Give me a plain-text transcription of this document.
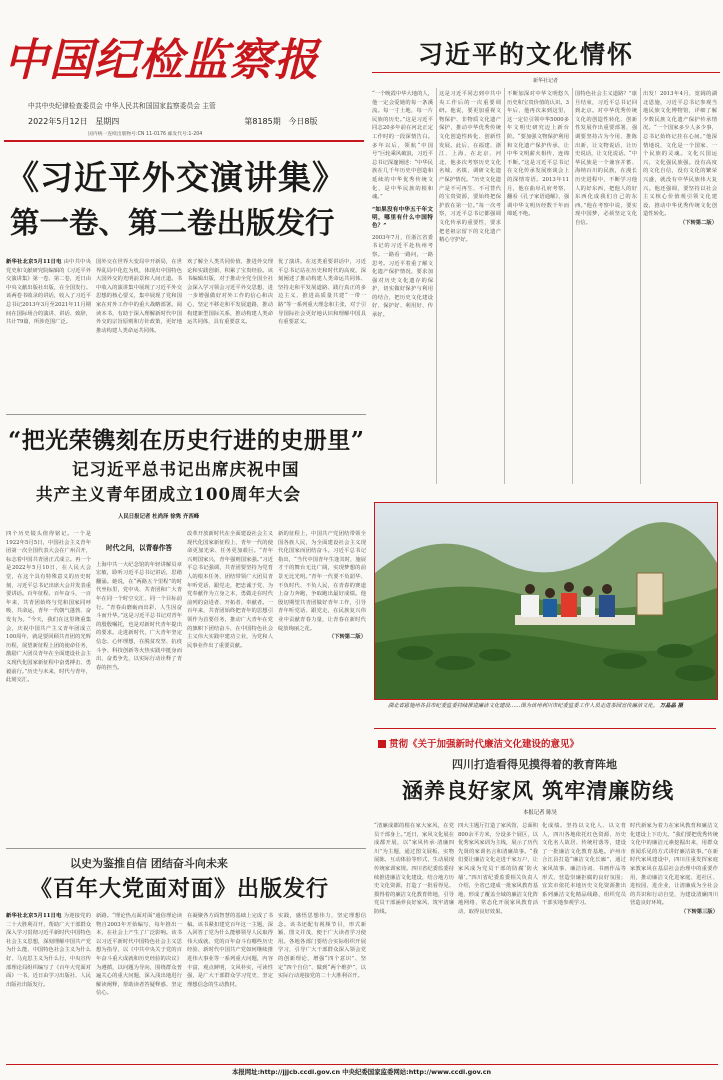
中国纪检监察报
中共中央纪律检查委员会 中华人民共和国国家监察委员会 主管
2022年5月12日 星期四	第8185期 今日8版
国内统一连续出版物号:CN 11-0176 邮发代号:1-204
习近平的文化情怀
新华社记者
“一个晚霞中华大地的人，他一定会爱她的每一条溪流。每一寸土地，每一片民族的历史。”这是习近平同志20多年前在河北正定工作时的一段深情告白。多年以后，领航“中国号”巨轮乘风破浪，习近平总书记深邃阐述：“中华民族在几千年历史中创造和延续的中华优秀传统文化，是中华民族的根和魂。”
“如果没有中华五千年文明，哪里有什么中国特色？”
2003年7月，任浙江省委书记的习近平赴杭州考察。一路看一路问，一路思考。习近平着重了解文化遗产保护情况，要求加强对历史文化遗存的保护，切实做好保护与利用的结合，把历史文化建设好、保护好、利用好、传承好。
这是习近平同志到中共中央工作后的一次重要调研。他说，要更加重视文物保护、非物质文化遗产保护，推动中华优秀传统文化创造性转化、创新性发展。此后，在福建、浙江、上海，在北京、河北，他多次考察历史文化名城、名镇，调研文化遗产保护情况。“历史文化遗产是不可再生、不可替代的宝贵资源，要始终把保护放在第一位。”每一次考察，习近平总书记都强调文化传承的重要性，要求把老祖宗留下的文化遗产精心守护好。
不断加深对中华文明悠久历史和宝贵价值的认识。3年后，他再次来到这里，这一定位引领中华5000多年文明史研究迈上新台阶。“要加强文物保护利用和文化遗产保护传承，让中华文明薪火相传，连绵不断。”这是习近平总书记在文化传承发展座谈会上的深情寄语。2013年11月，他在曲阜孔府考察，翻看《孔子家语通解》，强调中华文明历经数千年而绵延不绝。
国特色社会主义道路？”康旦结束，习近平总书记回到北京。对中华优秀传统文化的创造性转化、创新性发展作出重要部署，强调要坚持古为今用、推陈出新，让文物说话，让历史说话，让文化说话。“中华民族是一个兼容并蓄、海纳百川的民族，在漫长历史进程中，不断学习他人的好东西，把他人的好东西化成我们自己的东西。”他在考察中说，要实现中国梦，必须坚定文化自信。
出发！2013年4月，宽阔的湖北恩施，习近平总书记参观当地民族文化博物馆，详细了解少数民族文化遗产保护传承情况。“一个国家多少人多少事，总书记始终记挂在心间。”他深情地说，文化是一个国家、一个民族的灵魂。文化兴国运兴，文化强民族强。没有高度的文化自信，没有文化的繁荣兴盛，就没有中华民族伟大复兴。他还强调，要坚持以社会主义核心价值观引领文化建设，推动中华优秀传统文化创造性转化。
（下转第二版）
《习近平外交演讲集》
第一卷、第二卷出版发行
新华社北京5月11日电 由中共中央党史和文献研究院编辑的《习近平外交演讲集》第一卷、第二卷，近日由中央文献出版社出版，在全国发行。该两卷书收录的讲话，收入了习近平总书记2013年3月至2021年11月期间在国际场合的演讲、讲话、致辞，共计79篇，所涉范围广泛。
国外交在世界大变局中开新局，在世界乱局中化危为机，体现出中国特色大国外交的光明前景和人间正道。书中收入的演讲集中展现了习近平外交思想的核心要义，集中展现了党和国家在对外工作中的重大战略部署。阅读本书，有助于深入理解新时代中国外交的宗旨原则和方针政策，更好地推动构建人类命运共同体。
欢了解全人类共同价值，推进外交理论和实践创新，积累了宝贵经验。该书编辑出版，对于推动全党全国全社会深入学习领会习近平外交思想，进一步增强做好对外工作的信心和决心，坚定不移走和平发展道路，推动构建新型国际关系，推动构建人类命运共同体，具有重要意义。
优了演讲。在这类重要讲话中，习近平总书记站在历史和时代的高度，深刻阐述了推动构建人类命运共同体、坚持走和平发展道路、践行真正的多边主义、推进高质量共建“一带一路”等一系列重大理念和主张，对于引导国际社会更好地认识和理解中国具有重要意义。
“把光荣镌刻在历史行进的史册里”
记习近平总书记出席庆祝中国
共产主义青年团成立100周年大会
人民日报记者 杜尚泽 徐隽 齐西峰
四个历史镜头值得铭记。一个是1922年5月5日，中国社会主义青年团第一次全国代表大会在广州召开，标志着中国共青团正式成立。再一个是2022年5月10日，在人民大会堂，在这个具有特殊意义的历史时刻，习近平总书记出席大会并发表重要讲话。百年征程、百年奋斗，一百年来，共青团始终与党和国家同呼吸、共命运，青年一代朝气蓬勃、奋发有为。“今天，我们在这里隆重集会，庆祝中国共产主义青年团成立100周年，就是要回顾共青团的光辉历程，展望新征程上团的使命任务，激励广大团员青年在全面建设社会主义现代化国家新征程中奋勇搏击、勇毅前行。”历史与未来，时代与青年，此刻交汇。
时代之问，以青春作答
上海中共一大纪念馆的年轻讲解员章宏敏，聆听习近平总书记讲话，思绪翻涌。她说，在“两路五个里程”的时代坐标里，党中央、共青团和广大青年在同一个时空交汇、同一个目标前行。“青春由磨砺而出彩，人生因奋斗而升华。”这是习近平总书记对青年的殷殷嘱托，也是对新时代青年提出的要求。走进新时代，广大青年坚定信念、心怀理想，在脱贫攻坚、抗疫斗争、科技创新等火热实践中挺身而出、奋勇争先，以实际行动诠释了青春的担当。
改革开放新时代在全面建设社会主义现代化国家新征程上，青年一代的使命更加光荣、任务更加艰巨。“青年兴则国家兴，青年强则国家强。”习近平总书记强调，共青团要坚持为党育人的根本任务，团结带领广大团员青年听党话、跟党走，把忠诚于党、为党奉献作为立身之本，勇做走在时代前列的奋进者、开拓者、奉献者。一百年来，共青团始终把青年的思想引领作为首要任务，推动广大青年在党的旗帜下团结奋斗，在中国特色社会主义伟大实践中建功立业，为党和人民事业作出了重要贡献。
新的征程上，中国共产党团结带领全国各族人民，为全面建设社会主义现代化国家而团结奋斗。习近平总书记指出，“当代中国青年生逢其时，施展才干的舞台无比广阔，实现梦想的前景无比光明。”青年一代要不负韶华、不负时代、不负人民，在青春的赛道上奋力奔跑，争取跑出最好成绩。他殷切期望共青团做好青年工作，引导青年听党话、跟党走，在民族复兴伟业中贡献青春力量，让青春在新时代绽放绚丽之花。
（下转第二版）
湖北省恩施州各县市纪委监委持续推进廉洁文化建设……图为该州利川市纪委监委工作人员走进茶园宣传廉洁文化。 万晶晶 摄
贯彻《关于加强新时代廉洁文化建设的意见》
四川打造看得见摸得着的教育阵地
涵养良好家风 筑牢清廉防线
本报记者 陈昊
“清廉成都的根在家大家风，在党员干部身上。”近日，家风文化展在成都开展，以“家风传承·清廉四川”为主题，通过图文展板、实物展陈、互动体验等形式，生动展现传统家训家规。四川省纪委监委持续推进廉洁文化建设，结合地方历史文化资源，打造了一批看得见、摸得着的廉洁文化教育阵地，引导党员干部涵养良好家风、筑牢清廉防线。
四大主题厅打造了家风馆，总面积800余平方米，分设多个展区，以优秀家风家训为主线，展示了历代先贤的家训名言和清廉故事。“我们要让廉洁文化走进千家万户，让家风成为党员干部的防腐‘防火墙’。”四川省纪委监委相关负责人介绍，全省已建成一批家风教育基地，形成了覆盖全域的廉洁文化阵地网络，常态化开展家风教育活动，取得良好效果。
化成绩。坚持以文化人、以文育人，四川各地依托红色资源、历史文化名人故居、传统村落等，建设了一批廉洁文化教育基地。泸州市合江县打造“廉洁文化长廊”，通过家风故事、廉洁诗词、书画作品等形式，营造崇廉拒腐的良好氛围；宜宾市依托本地历史文化资源推出系列廉洁文化精品线路，组织党员干部实地参观学习。
时代新家为着力在家风教育和廉洁文化建设上下功夫。“我们要把优秀传统文化中的廉洁元素挖掘出来，用群众喜闻乐见的方式讲好廉洁故事。”在新时代家风建设中，四川注重发挥家庭家教家风在基层社会治理中的重要作用，推动廉洁文化进家庭、进社区、进校园、进企业，让清廉成为全社会的共识和行动自觉，为建设清廉四川营造良好环境。
（下转第三版）
以史为鉴推自信 团结奋斗向未来
《百年大党面对面》出版发行
新华社北京5月11日电 为迎接党的二十大胜利召开，帮助广大干部群众深入学习贯彻习近平新时代中国特色社会主义思想，深刻理解中国共产党为什么能、中国特色社会主义为什么好、马克思主义为什么行，中央宣传部理论局组织编写了《百年大党面对面》一书，近日由学习出版社、人民出版社出版发行。
新路。“理论热点面对面”通俗理论读物自2003年开始编写，每年推出一本，在社会上产生了广泛影响。该书以习近平新时代中国特色社会主义思想为指导，以《中共中央关于党的百年奋斗重大成就和历史经验的决议》为遵循，以问题为导向，围绕群众普遍关心的重大问题，深入浅出地进行解读阐释，帮助读者答疑释惑、坚定信心。
在凝聚各方面智慧的基础上完成了书稿。该书紧扣建党百年这一主题，深入回答了党为什么能够领导人民取得伟大成就、党的百年奋斗有哪些历史经验、新时代中国共产党如何继续推进伟大事业等一系列重大问题，内容丰富，观点鲜明，文风朴实，可读性强，是广大干部群众学习党史、坚定理想信念的生动教材。
实践，感悟思想伟力，坚定理想信念。该书还配有视频节目，形式新颖、图文并茂，便于广大读者学习使用。各地各部门要结合实际组织开展学习，引导广大干部群众深入领会党的创新理论，增强“四个意识”、坚定“四个自信”、做到“两个维护”，以实际行动迎接党的二十大胜利召开。
本报网址:http://jjjcb.ccdi.gov.cn 中央纪委国家监委网站:http://www.ccdi.gov.cn
